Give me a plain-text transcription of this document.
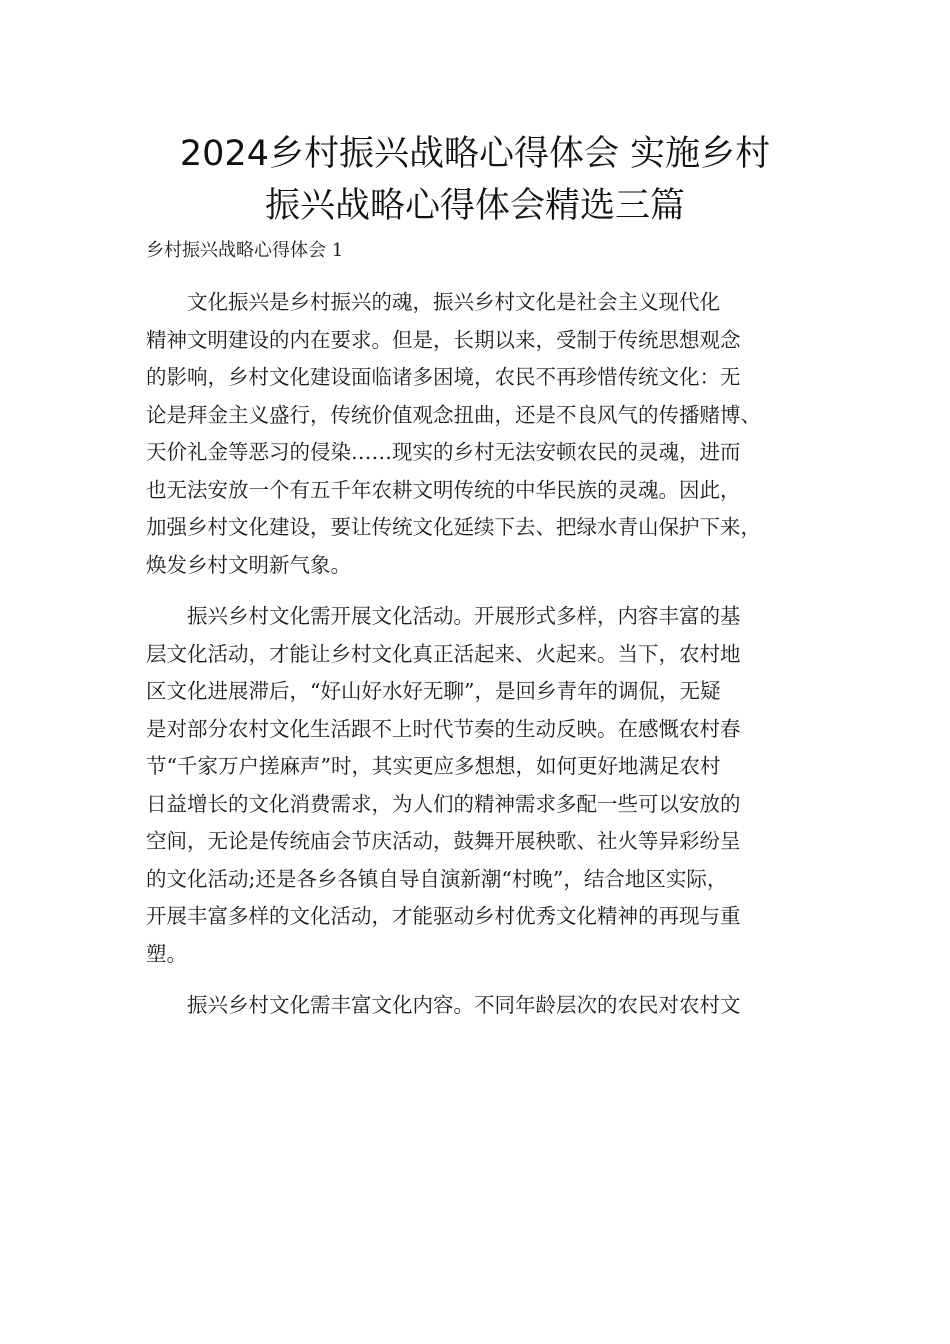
2024乡村振兴战略心得体会 实施乡村
振兴战略心得体会精选三篇

乡村振兴战略心得体会 1

　　文化振兴是乡村振兴的魂，振兴乡村文化是社会主义现代化
精神文明建设的内在要求。但是，长期以来，受制于传统思想观念
的影响，乡村文化建设面临诸多困境，农民不再珍惜传统文化：无
论是拜金主义盛行，传统价值观念扭曲，还是不良风气的传播赌博、
天价礼金等恶习的侵染……现实的乡村无法安顿农民的灵魂，进而
也无法安放一个有五千年农耕文明传统的中华民族的灵魂。因此，
加强乡村文化建设，要让传统文化延续下去、把绿水青山保护下来，
焕发乡村文明新气象。
　　振兴乡村文化需开展文化活动。开展形式多样，内容丰富的基
层文化活动，才能让乡村文化真正活起来、火起来。当下，农村地
区文化进展滞后，“好山好水好无聊”，是回乡青年的调侃，无疑
是对部分农村文化生活跟不上时代节奏的生动反映。在感慨农村春
节“千家万户搓麻声”时，其实更应多想想，如何更好地满足农村
日益增长的文化消费需求，为人们的精神需求多配一些可以安放的
空间，无论是传统庙会节庆活动，鼓舞开展秧歌、社火等异彩纷呈
的文化活动;还是各乡各镇自导自演新潮“村晚”，结合地区实际，
开展丰富多样的文化活动，才能驱动乡村优秀文化精神的再现与重
塑。
　　振兴乡村文化需丰富文化内容。不同年龄层次的农民对农村文
